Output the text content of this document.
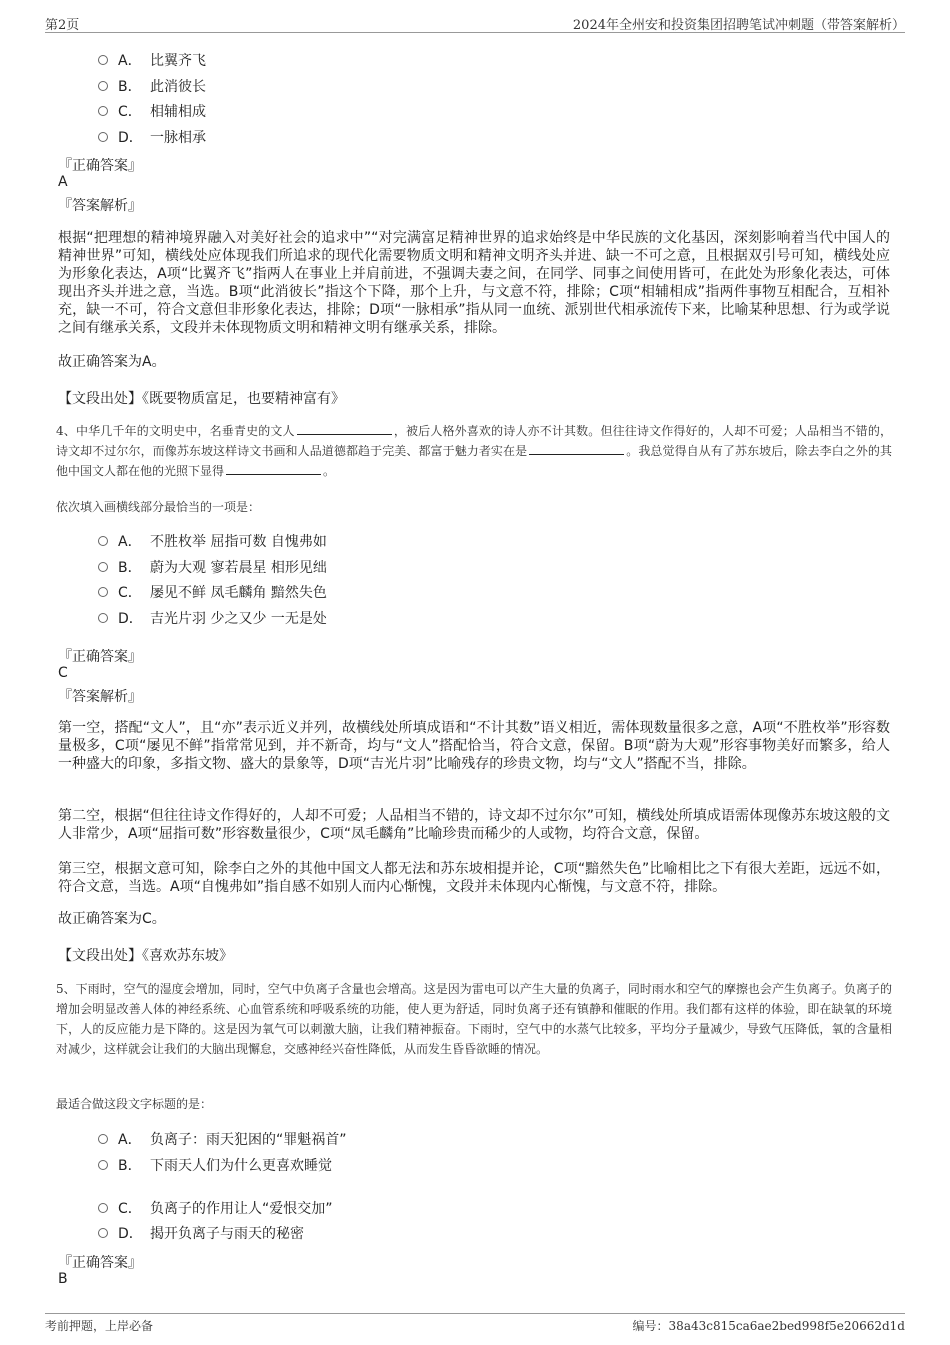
第2页	2024年全州安和投资集团招聘笔试冲刺题（带答案解析）
A． 比翼齐飞
B． 此消彼长
C． 相辅相成
D． 一脉相承
『正确答案』
A
『答案解析』
根据“把理想的精神境界融入对美好社会的追求中”“对完满富足精神世界的追求始终是中华民族的文化基因，深刻影响着当代中国人的精神世界”可知，横线处应体现我们所追求的现代化需要物质文明和精神文明齐头并进、缺一不可之意，且根据双引号可知，横线处应为形象化表达，A项“比翼齐飞”指两人在事业上并肩前进，不强调夫妻之间，在同学、同事之间使用皆可，在此处为形象化表达，可体现出齐头并进之意，当选。B项“此消彼长”指这个下降，那个上升，与文意不符，排除；C项“相辅相成”指两件事物互相配合，互相补充，缺一不可，符合文意但非形象化表达，排除；D项“一脉相承”指从同一血统、派别世代相承流传下来，比喻某种思想、行为或学说之间有继承关系，文段并未体现物质文明和精神文明有继承关系，排除。
故正确答案为A。
【文段出处】《既要物质富足，也要精神富有》
4、中华几千年的文明史中，名垂青史的文人	，被后人格外喜欢的诗人亦不计其数。但往往诗文作得好的，人却不可爱；人品相当不错的，诗文却不过尔尔，而像苏东坡这样诗文书画和人品道德都趋于完美、都富于魅力者实在是	。我总觉得自从有了苏东坡后，除去李白之外的其他中国文人都在他的光照下显得	。
依次填入画横线部分最恰当的一项是：
A． 不胜枚举 屈指可数 自愧弗如
B． 蔚为大观 寥若晨星 相形见绌
C． 屡见不鲜 凤毛麟角 黯然失色
D． 吉光片羽 少之又少 一无是处
『正确答案』
C
『答案解析』
第一空，搭配“文人”，且“亦”表示近义并列，故横线处所填成语和“不计其数”语义相近，需体现数量很多之意，A项“不胜枚举”形容数量极多，C项“屡见不鲜”指常常见到，并不新奇，均与“文人”搭配恰当，符合文意，保留。B项“蔚为大观”形容事物美好而繁多，给人一种盛大的印象，多指文物、盛大的景象等，D项“吉光片羽”比喻残存的珍贵文物，均与“文人”搭配不当，排除。
第二空，根据“但往往诗文作得好的，人却不可爱；人品相当不错的，诗文却不过尔尔”可知，横线处所填成语需体现像苏东坡这般的文人非常少，A项“屈指可数”形容数量很少，C项“凤毛麟角”比喻珍贵而稀少的人或物，均符合文意，保留。
第三空，根据文意可知，除李白之外的其他中国文人都无法和苏东坡相提并论，C项“黯然失色”比喻相比之下有很大差距，远远不如，符合文意，当选。A项“自愧弗如”指自感不如别人而内心惭愧，文段并未体现内心惭愧，与文意不符，排除。
故正确答案为C。
【文段出处】《喜欢苏东坡》
5、下雨时，空气的湿度会增加，同时，空气中负离子含量也会增高。这是因为雷电可以产生大量的负离子，同时雨水和空气的摩擦也会产生负离子。负离子的增加会明显改善人体的神经系统、心血管系统和呼吸系统的功能，使人更为舒适，同时负离子还有镇静和催眠的作用。我们都有这样的体验，即在缺氧的环境下，人的反应能力是下降的。这是因为氧气可以刺激大脑，让我们精神振奋。下雨时，空气中的水蒸气比较多，平均分子量减少，导致气压降低，氧的含量相对减少，这样就会让我们的大脑出现懈怠，交感神经兴奋性降低，从而发生昏昏欲睡的情况。
最适合做这段文字标题的是：
A． 负离子：雨天犯困的“罪魁祸首”
B． 下雨天人们为什么更喜欢睡觉
C． 负离子的作用让人“爱恨交加”
D． 揭开负离子与雨天的秘密
『正确答案』
B
考前押题，上岸必备	编号：38a43c815ca6ae2bed998f5e20662d1d
